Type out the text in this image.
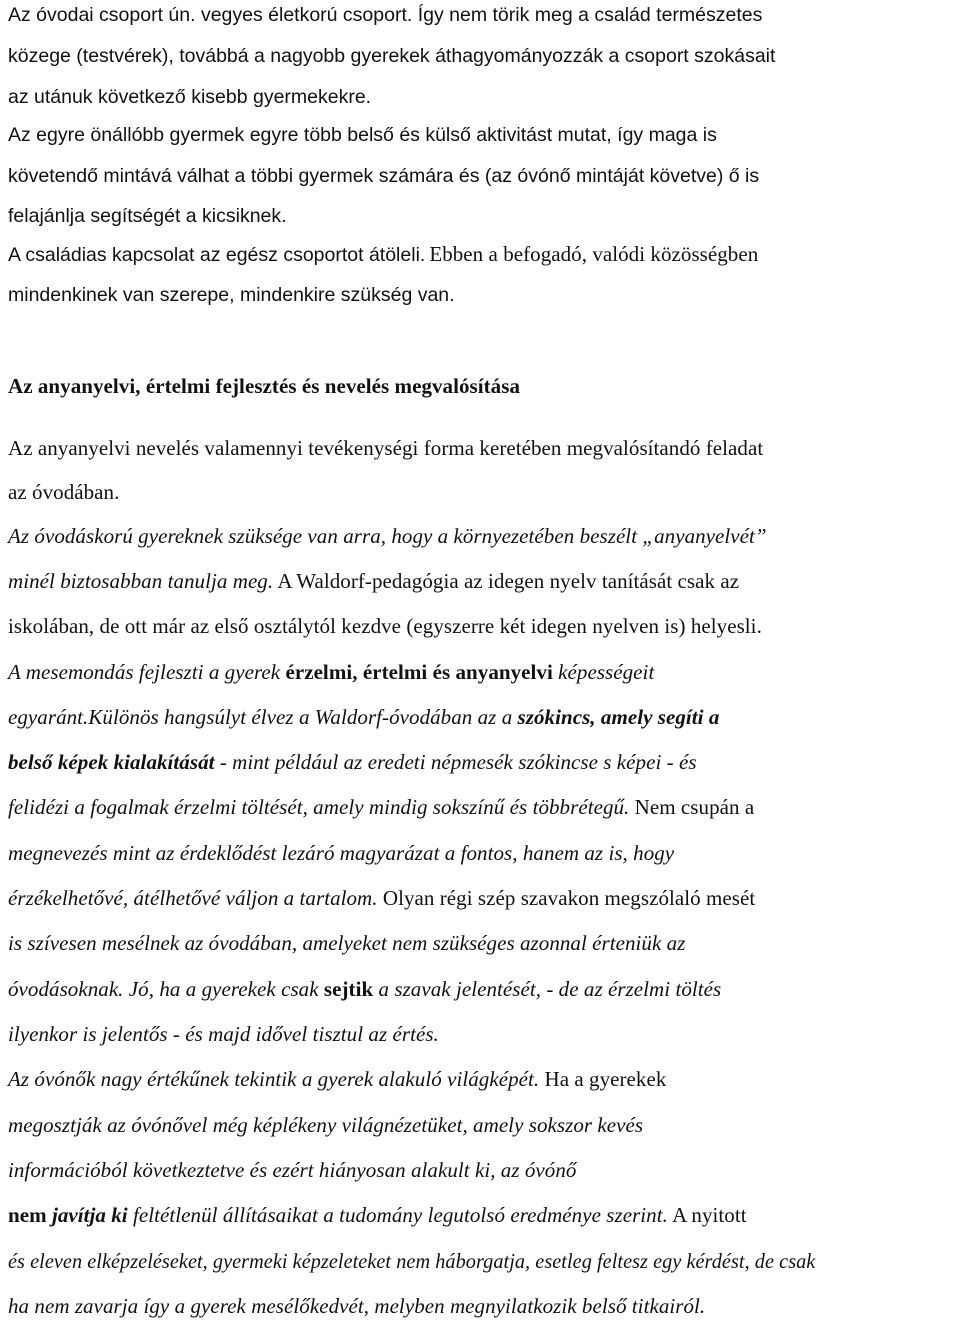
Az óvodai csoport ún. vegyes életkorú csoport. Így nem törik meg a család természetes
közege (testvérek), továbbá a nagyobb gyerekek áthagyományozzák a csoport szokásait
az utánuk következő kisebb gyermekekre.
Az egyre önállóbb gyermek egyre több belső és külső aktivitást mutat, így maga is
követendő mintává válhat a többi gyermek számára és (az óvónő mintáját követve) ő is
felajánlja segítségét a kicsiknek.
A családias kapcsolat az egész csoportot átöleli. Ebben a befogadó, valódi közösségben
mindenkinek van szerepe, mindenkire szükség van.
Az anyanyelvi, értelmi fejlesztés és nevelés megvalósítása
Az anyanyelvi nevelés valamennyi tevékenységi forma keretében megvalósítandó feladat
az óvodában.
Az óvodáskorú gyereknek szüksége van arra, hogy a környezetében beszélt „anyanyelvét”
minél biztosabban tanulja meg. A Waldorf-pedagógia az idegen nyelv tanítását csak az
iskolában, de ott már az első osztálytól kezdve (egyszerre két idegen nyelven is) helyesli.
A mesemondás fejleszti a gyerek érzelmi, értelmi és anyanyelvi képességeit
egyaránt.Különös hangsúlyt élvez a Waldorf-óvodában az a szókincs, amely segíti a
belső képek kialakítását - mint például az eredeti népmesék szókincse s képei - és
felidézi a fogalmak érzelmi töltését, amely mindig sokszínű és többrétegű. Nem csupán a
megnevezés mint az érdeklődést lezáró magyarázat a fontos, hanem az is, hogy
érzékelhetővé, átélhetővé váljon a tartalom. Olyan régi szép szavakon megszólaló mesét
is szívesen mesélnek az óvodában, amelyeket nem szükséges azonnal érteniük az
óvodásoknak. Jó, ha a gyerekek csak sejtik a szavak jelentését, - de az érzelmi töltés
ilyenkor is jelentős - és majd idővel tisztul az értés.
Az óvónők nagy értékűnek tekintik a gyerek alakuló világképét. Ha a gyerekek
megosztják az óvónővel még képlékeny világnézetüket, amely sokszor kevés
információból következtetve és ezért hiányosan alakult ki, az óvónő
nem javítja ki feltétlenül állításaikat a tudomány legutolsó eredménye szerint. A nyitott
és eleven elképzeléseket, gyermeki képzeleteket nem háborgatja, esetleg feltesz egy kérdést, de csak
ha nem zavarja így a gyerek mesélőkedvét, melyben megnyilatkozik belső titkairól.
